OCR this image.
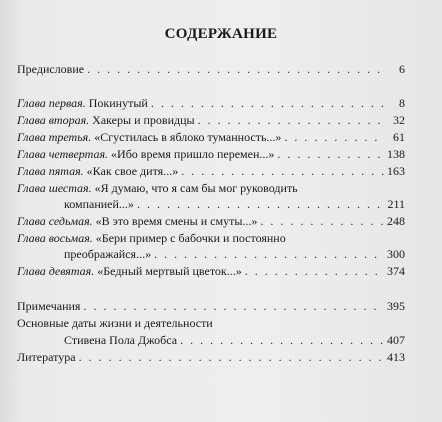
СОДЕРЖАНИЕ
Предисловие . . .	6
Глава первая. Покинутый . . .	8
Глава вторая. Хакеры и провидцы . . .	32
Глава третья. «Сгустилась в яблоко туманность...» . . .	61
Глава четвертая. «Ибо время пришло перемен...» . . .	138
Глава пятая. «Как свое дитя...» . . .	163
Глава шестая. «Я думаю, что я сам бы мог руководить
компанией...» . . .	211
Глава седьмая. «В это время смены и смуты...» . . .	248
Глава восьмая. «Бери пример с бабочки и постоянно
преображайся...» . . .	300
Глава девятая. «Бедный мертвый цветок...» . . .	374
Примечания . . .	395
Основные даты жизни и деятельности
Стивена Пола Джобса . . .	407
Литература . . .	413
